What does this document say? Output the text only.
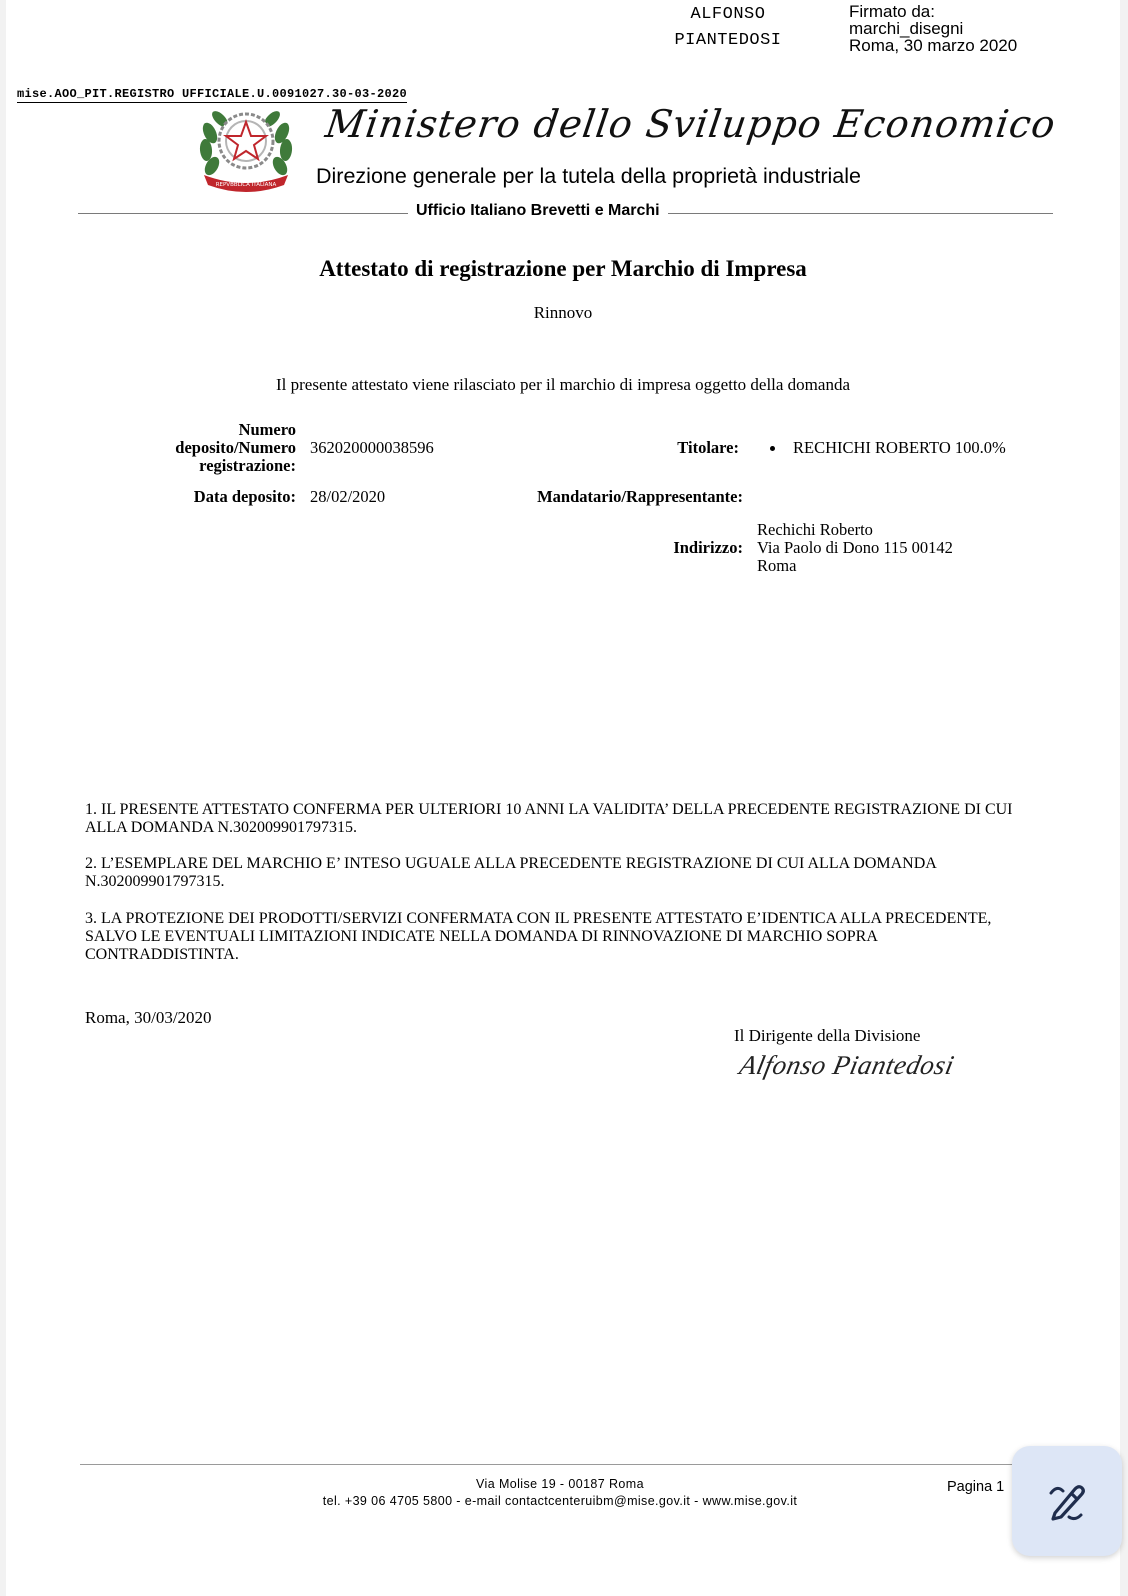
ALFONSO
PIANTEDOSI
Firmato da:
marchi_disegni
Roma, 30 marzo 2020
mise.AOO_PIT.REGISTRO UFFICIALE.U.0091027.30-03-2020
REPVBBLICA ITALIANA
Ministero dello Sviluppo Economico
Direzione generale per la tutela della proprietà industriale
Ufficio Italiano Brevetti e Marchi
Attestato di registrazione per Marchio di Impresa
Rinnovo
Il presente attestato viene rilasciato per il marchio di impresa oggetto della domanda
Numero
deposito/Numero
registrazione:
362020000038596	Titolare:	RECHICHI ROBERTO 100.0%
Data deposito: 28/02/2020	Mandatario/Rappresentante:
Indirizzo:
Rechichi Roberto
Via Paolo di Dono 115 00142
Roma
1. IL PRESENTE ATTESTATO CONFERMA PER ULTERIORI 10 ANNI LA VALIDITA’ DELLA PRECEDENTE REGISTRAZIONE DI CUI ALLA DOMANDA N.302009901797315.
2. L’ESEMPLARE DEL MARCHIO E’ INTESO UGUALE ALLA PRECEDENTE REGISTRAZIONE DI CUI ALLA DOMANDA N.302009901797315.
3. LA PROTEZIONE DEI PRODOTTI/SERVIZI CONFERMATA CON IL PRESENTE ATTESTATO E’IDENTICA ALLA PRECEDENTE, SALVO LE EVENTUALI LIMITAZIONI INDICATE NELLA DOMANDA DI RINNOVAZIONE DI MARCHIO SOPRA CONTRADDISTINTA.
Roma, 30/03/2020
Il Dirigente della Divisione
Alfonso Piantedosi
Via Molise 19 - 00187 Roma
tel. +39 06 4705 5800 - e-mail contactcenteruibm@mise.gov.it - www.mise.gov.it
Pagina 1
